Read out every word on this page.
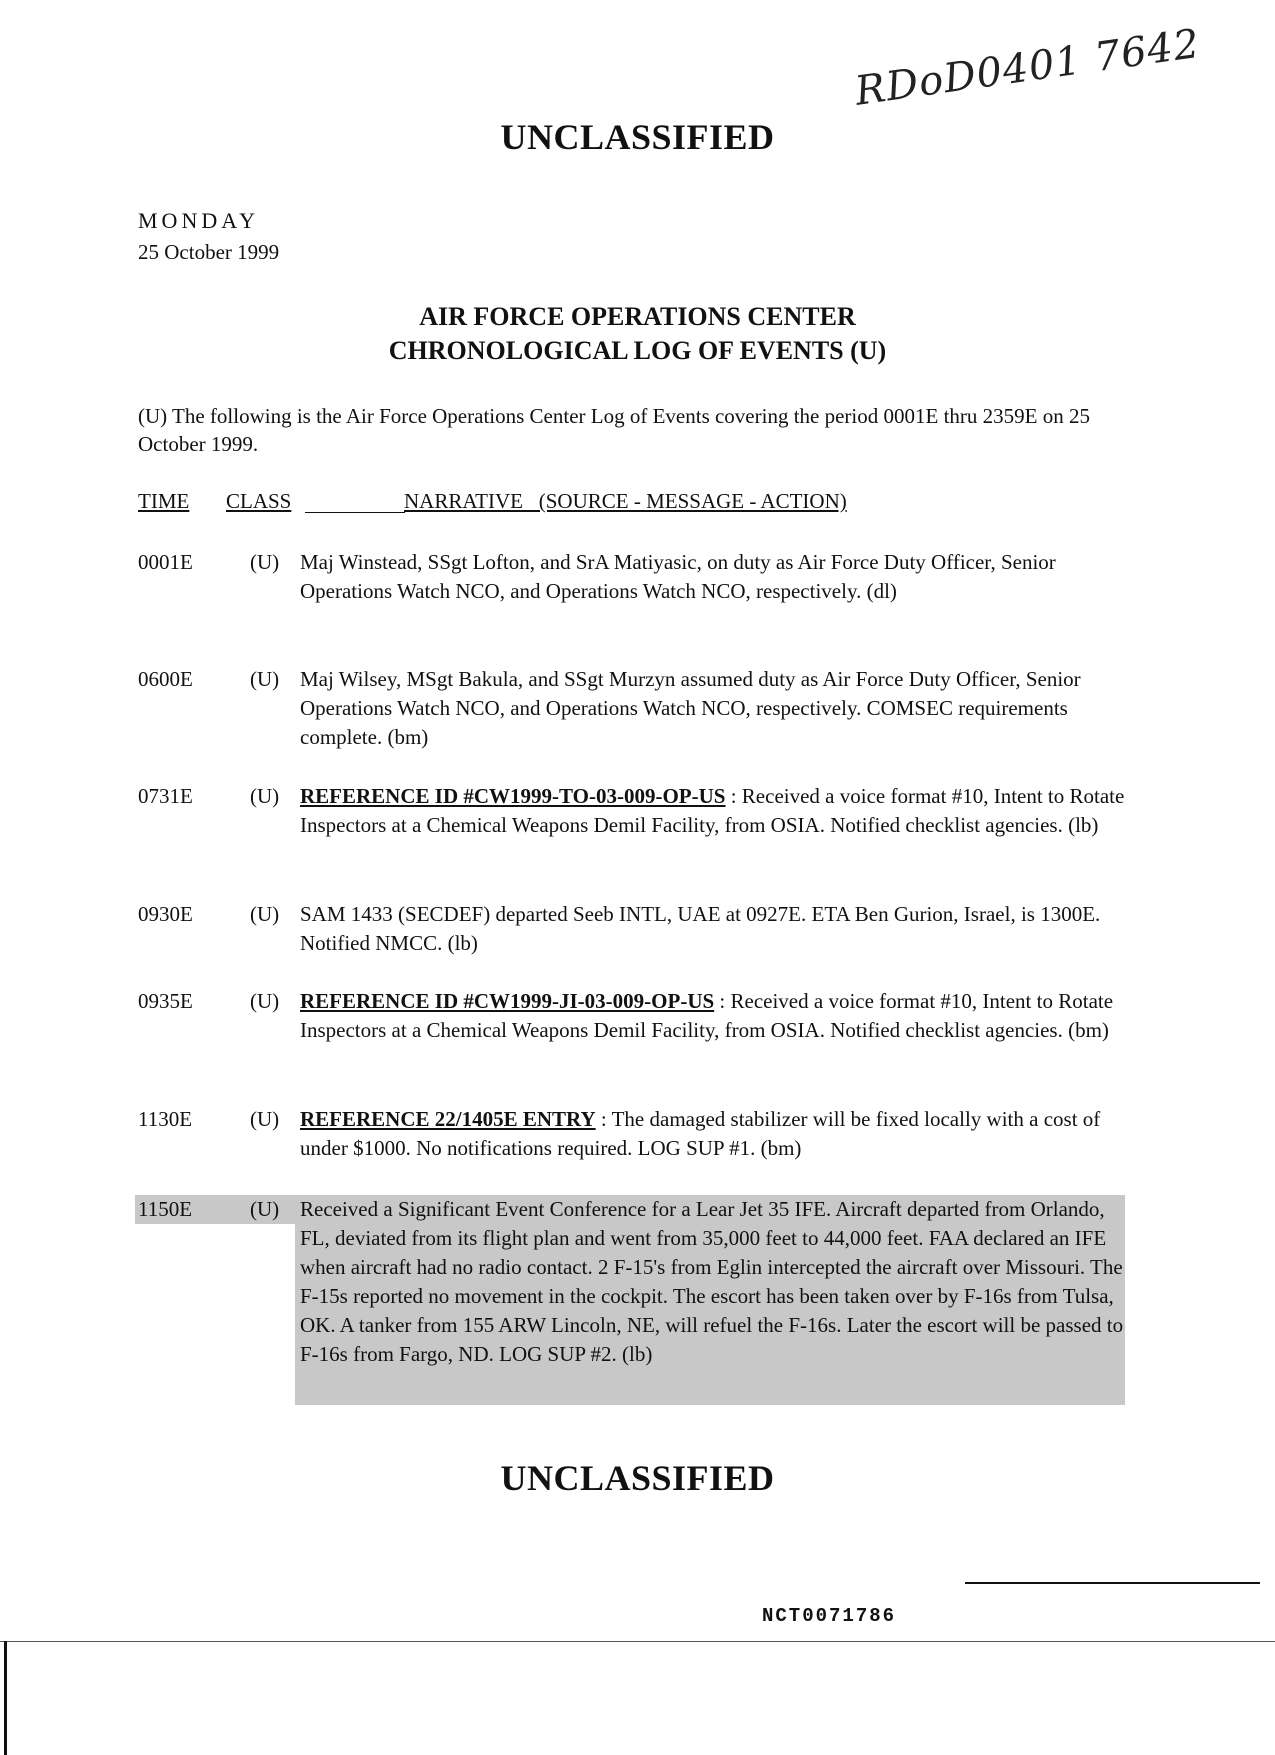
RDoD0401 7642
UNCLASSIFIED
MONDAY
25 October 1999
AIR FORCE OPERATIONS CENTER
CHRONOLOGICAL LOG OF EVENTS (U)
(U) The following is the Air Force Operations Center Log of Events covering the period 0001E thru 2359E on 25 October 1999.
TIME CLASS	NARRATIVE   (SOURCE - MESSAGE - ACTION)
0001E	(U) Maj Winstead, SSgt Lofton, and SrA Matiyasic, on duty as Air Force Duty Officer, Senior Operations Watch NCO, and Operations Watch NCO, respectively. (dl)
0600E	(U) Maj Wilsey, MSgt Bakula, and SSgt Murzyn assumed duty as Air Force Duty Officer, Senior Operations Watch NCO, and Operations Watch NCO, respectively. COMSEC requirements complete. (bm)
0731E	(U) REFERENCE ID #CW1999-TO-03-009-OP-US : Received a voice format #10, Intent to Rotate Inspectors at a Chemical Weapons Demil Facility, from OSIA. Notified checklist agencies. (lb)
0930E	(U) SAM 1433 (SECDEF) departed Seeb INTL, UAE at 0927E. ETA Ben Gurion, Israel, is 1300E. Notified NMCC. (lb)
0935E	(U) REFERENCE ID #CW1999-JI-03-009-OP-US : Received a voice format #10, Intent to Rotate Inspectors at a Chemical Weapons Demil Facility, from OSIA. Notified checklist agencies. (bm)
1130E	(U) REFERENCE 22/1405E ENTRY : The damaged stabilizer will be fixed locally with a cost of under $1000. No notifications required. LOG SUP #1. (bm)
1150E	(U) Received a Significant Event Conference for a Lear Jet 35 IFE. Aircraft departed from Orlando, FL, deviated from its flight plan and went from 35,000 feet to 44,000 feet. FAA declared an IFE when aircraft had no radio contact. 2 F-15's from Eglin intercepted the aircraft over Missouri. The F-15s reported no movement in the cockpit. The escort has been taken over by F-16s from Tulsa, OK. A tanker from 155 ARW Lincoln, NE, will refuel the F-16s. Later the escort will be passed to F-16s from Fargo, ND. LOG SUP #2. (lb)
UNCLASSIFIED
NCT0071786
